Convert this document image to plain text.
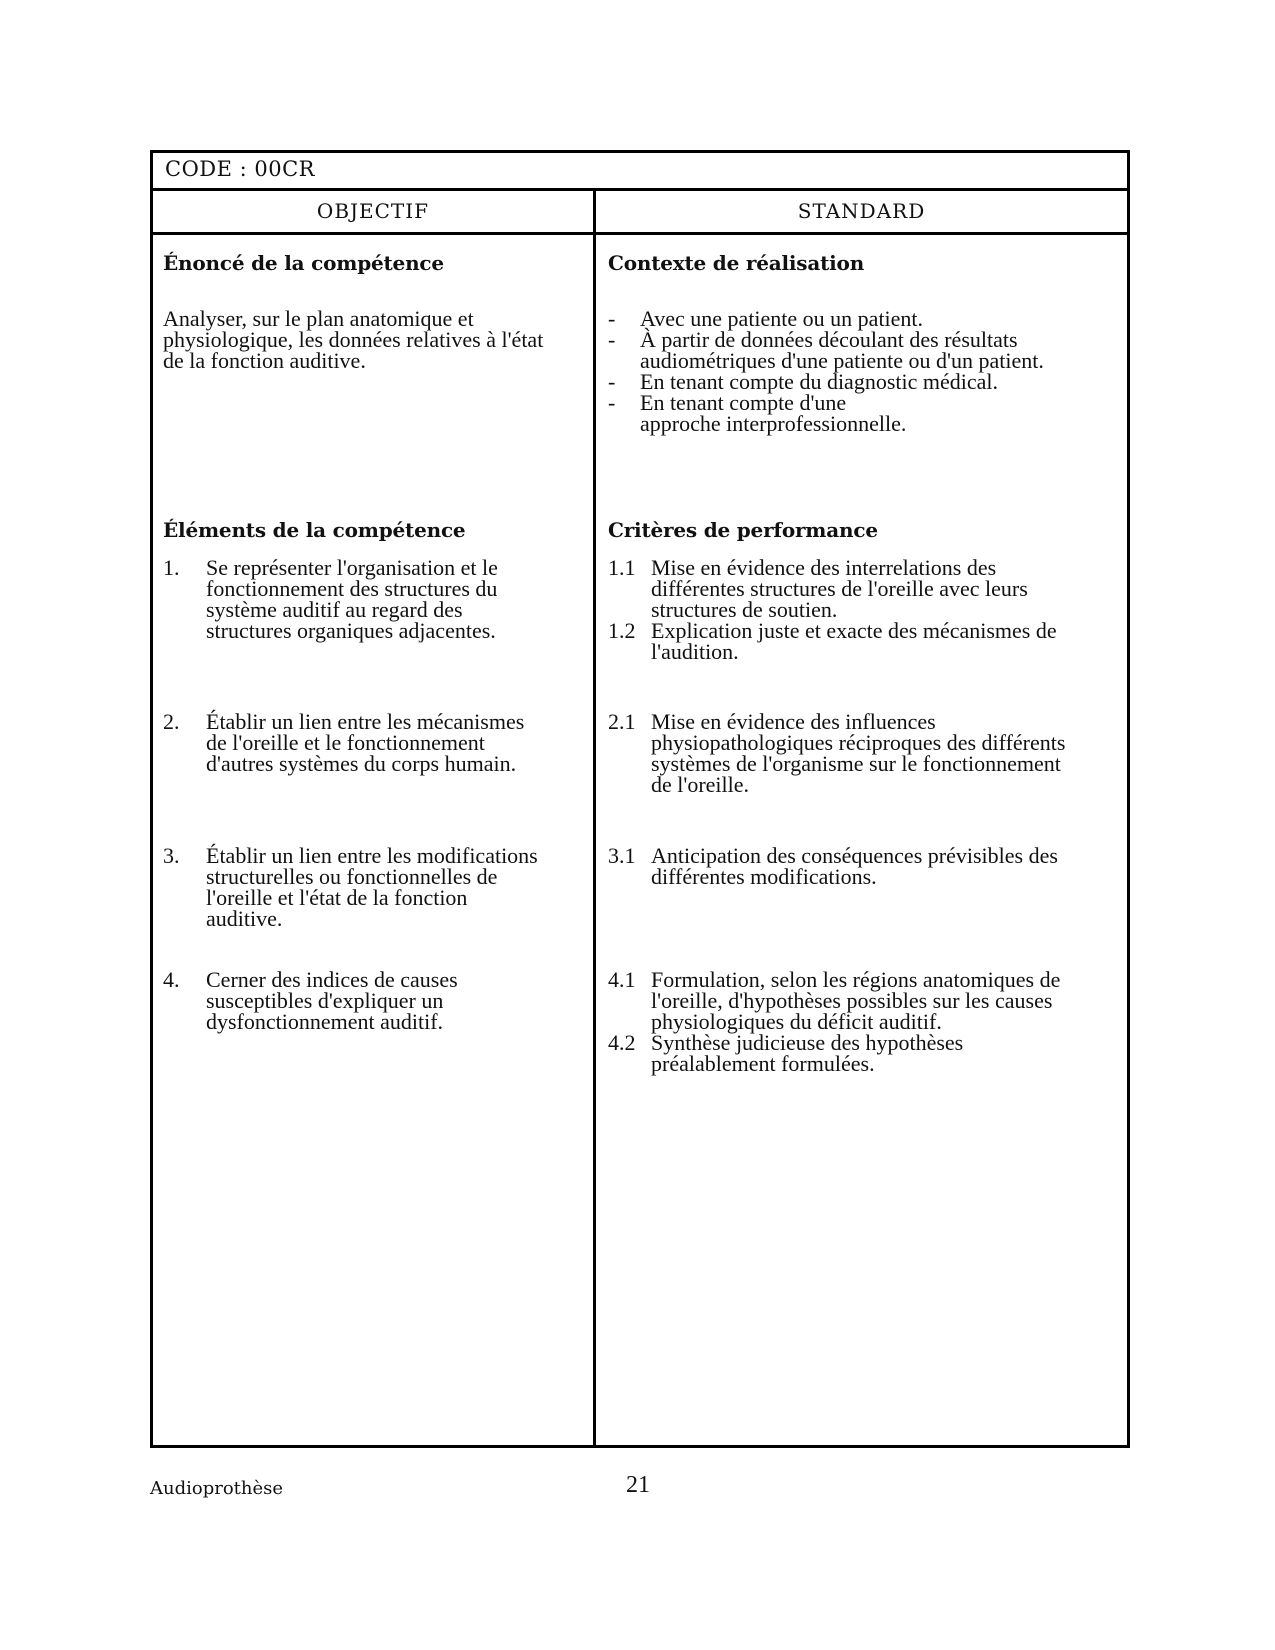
CODE : 00CR
OBJECTIF	STANDARD
Énoncé de la compétence
Analyser, sur le plan anatomique et physiologique, les données relatives à l'état de la fonction auditive.
Éléments de la compétence
1. Se représenter l'organisation et le fonctionnement des structures du système auditif au regard des structures organiques adjacentes.
2. Établir un lien entre les mécanismes de l'oreille et le fonctionnement d'autres systèmes du corps humain.
3. Établir un lien entre les modifications structurelles ou fonctionnelles de l'oreille et l'état de la fonction auditive.
4. Cerner des indices de causes susceptibles d'expliquer un dysfonctionnement auditif.
Contexte de réalisation
- Avec une patiente ou un patient.
- À partir de données découlant des résultats audiométriques d'une patiente ou d'un patient.
- En tenant compte du diagnostic médical.
- En tenant compte d'une approche interprofessionnelle.
Critères de performance
1.1 Mise en évidence des interrelations des différentes structures de l'oreille avec leurs structures de soutien.
1.2 Explication juste et exacte des mécanismes de l'audition.
2.1 Mise en évidence des influences physiopathologiques réciproques des différents systèmes de l'organisme sur le fonctionnement de l'oreille.
3.1 Anticipation des conséquences prévisibles des différentes modifications.
4.1 Formulation, selon les régions anatomiques de l'oreille, d'hypothèses possibles sur les causes physiologiques du déficit auditif.
4.2 Synthèse judicieuse des hypothèses préalablement formulées.
Audioprothèse	21
